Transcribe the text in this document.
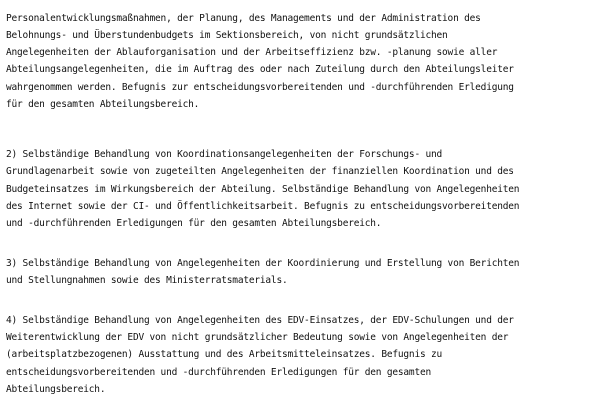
Personalentwicklungsmaßnahmen, der Planung, des Managements und der Administration des

Belohnungs- und Überstundenbudgets im Sektionsbereich, von nicht grundsätzlichen

Angelegenheiten der Ablauforganisation und der Arbeitseffizienz bzw. -planung sowie aller

Abteilungsangelegenheiten, die im Auftrag des oder nach Zuteilung durch den Abteilungsleiter

wahrgenommen werden. Befugnis zur entscheidungsvorbereitenden und -durchführenden Erledigung

für den gesamten Abteilungsbereich.

2) Selbständige Behandlung von Koordinationsangelegenheiten der Forschungs- und

Grundlagenarbeit sowie von zugeteilten Angelegenheiten der finanziellen Koordination und des

Budgeteinsatzes im Wirkungsbereich der Abteilung. Selbständige Behandlung von Angelegenheiten

des Internet sowie der CI- und Öffentlichkeitsarbeit. Befugnis zu entscheidungsvorbereitenden

und -durchführenden Erledigungen für den gesamten Abteilungsbereich.

3) Selbständige Behandlung von Angelegenheiten der Koordinierung und Erstellung von Berichten

und Stellungnahmen sowie des Ministerratsmaterials.

4) Selbständige Behandlung von Angelegenheiten des EDV-Einsatzes, der EDV-Schulungen und der

Weiterentwicklung der EDV von nicht grundsätzlicher Bedeutung sowie von Angelegenheiten der

(arbeitsplatzbezogenen) Ausstattung und des Arbeitsmitteleinsatzes. Befugnis zu

entscheidungsvorbereitenden und -durchführenden Erledigungen für den gesamten

Abteilungsbereich.
